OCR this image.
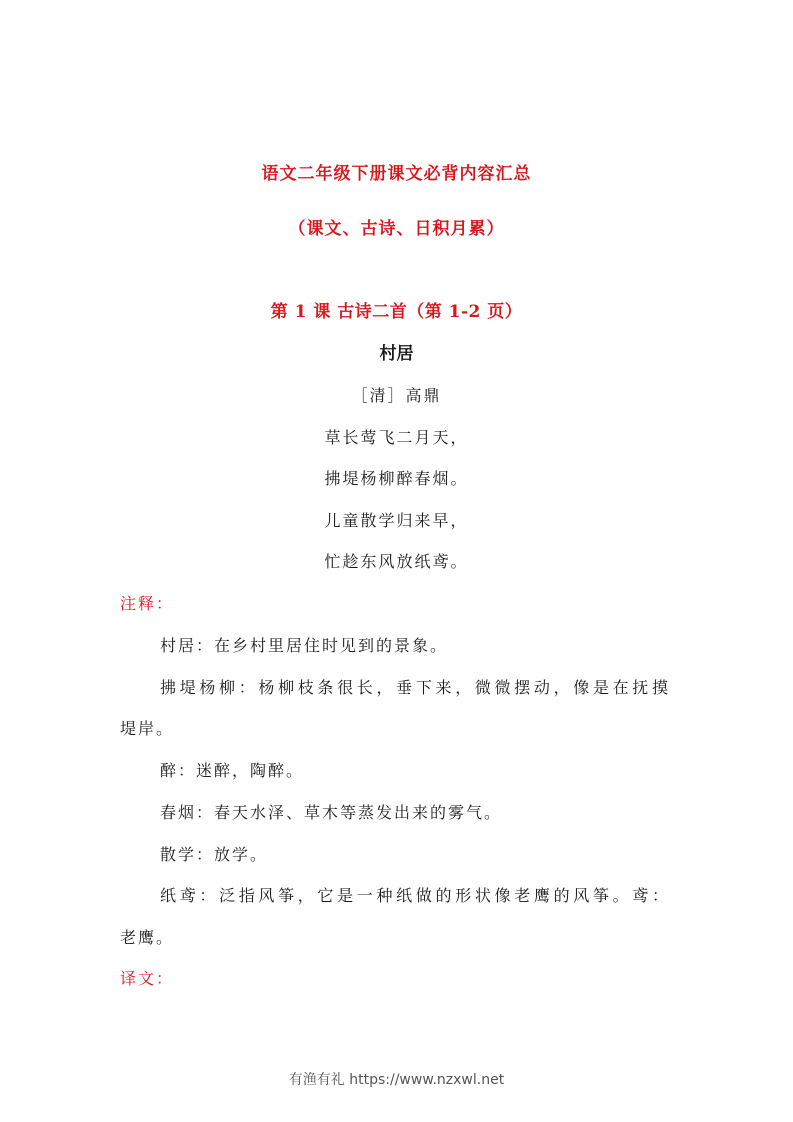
语文二年级下册课文必背内容汇总
（课文、古诗、日积月累）
第 1 课 古诗二首（第 1-2 页）
村居
［清］高鼎
草长莺飞二月天，
拂堤杨柳醉春烟。
儿童散学归来早，
忙趁东风放纸鸢。
注释：
村居：在乡村里居住时见到的景象。
拂堤杨柳：杨柳枝条很长，垂下来，微微摆动，像是在抚摸
堤岸。
醉：迷醉，陶醉。
春烟：春天水泽、草木等蒸发出来的雾气。
散学：放学。
纸鸢：泛指风筝，它是一种纸做的形状像老鹰的风筝。鸢：
老鹰。
译文：
有渔有礼 https://www.nzxwl.net
